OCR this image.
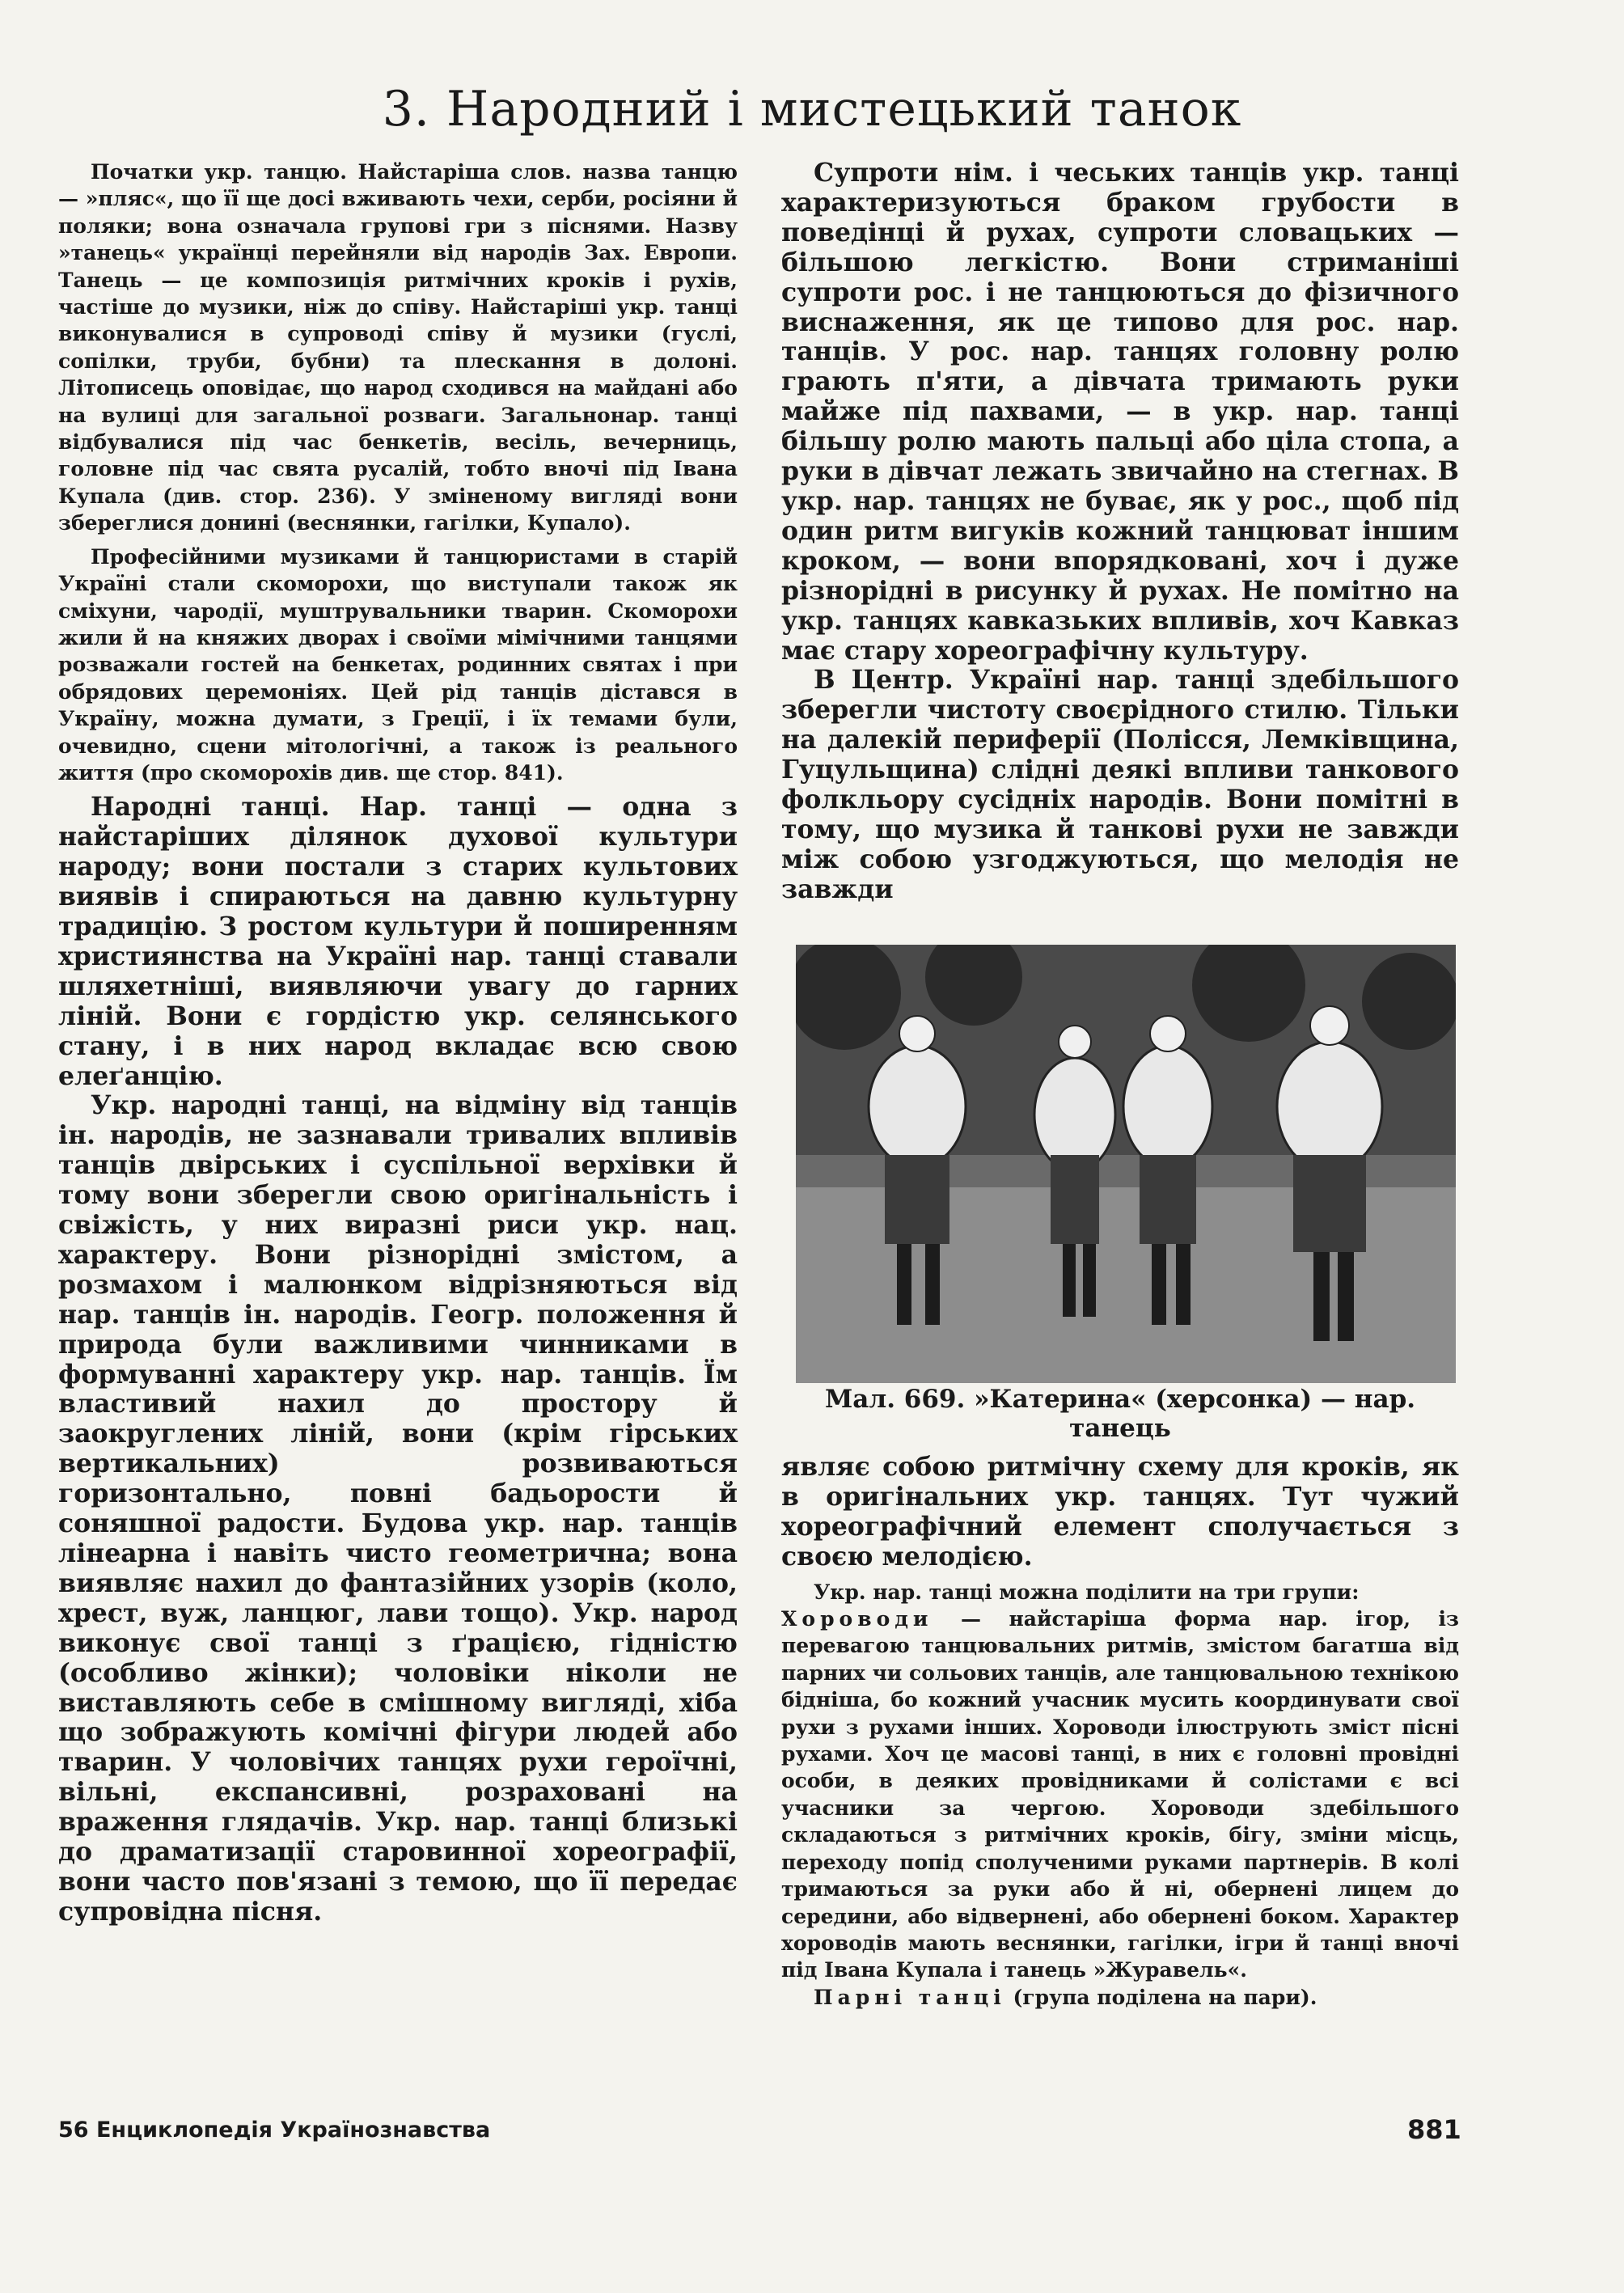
3. Народний і мистецький танок

Початки укр. танцю. Найстаріша слов. назва танцю — »пляс«, що її ще досі вживають чехи, серби, росіяни й поляки; вона означала групові гри з піснями. Назву »танець« українці перейняли від народів Зах. Европи. Танець — це композиція ритмічних кроків і рухів, частіше до музики, ніж до співу. Найстаріші укр. танці виконувалися в супроводі співу й музики (гуслі, сопілки, труби, бубни) та плескання в долоні. Літописець оповідає, що народ сходився на майдані або на вулиці для загальної розваги. Загальнонар. танці відбувалися під час бенкетів, весіль, вечерниць, головне під час свята русалій, тобто вночі під Івана Купала (див. стор. 236). У зміненому вигляді вони збереглися донині (веснянки, гагілки, Купало).

Професійними музиками й танцюристами в старій Україні стали скоморохи, що виступали також як сміхуни, чародії, муштрувальники тварин. Скоморохи жили й на княжих дворах і своїми мімічними танцями розважали гостей на бенкетах, родинних святах і при обрядових церемоніях. Цей рід танців дістався в Україну, можна думати, з Греції, і їх темами були, очевидно, сцени мітологічні, а також із реального життя (про скоморохів див. ще стор. 841).

Народні танці. Нар. танці — одна з найстаріших ділянок духової культури народу; вони постали з старих культових виявів і спираються на давню культурну традицію. З ростом культури й поширенням християнства на Україні нар. танці ставали шляхетніші, виявляючи увагу до гарних ліній. Вони є гордістю укр. селянського стану, і в них народ вкладає всю свою елеґанцію.

Укр. народні танці, на відміну від танців ін. народів, не зазнавали тривалих впливів танців двірських і суспільної верхівки й тому вони зберегли свою оригінальність і свіжість, у них виразні риси укр. нац. характеру. Вони різнорідні змістом, а розмахом і малюнком відрізняються від нар. танців ін. народів. Геогр. положення й природа були важливими чинниками в формуванні характеру укр. нар. танців. Їм властивий нахил до простору й заокруглених ліній, вони (крім гірських вертикальних) розвиваються горизонтально, повні бадьорости й соняшної радости. Будова укр. нар. танців лінеарна і навіть чисто геометрична; вона виявляє нахил до фантазійних узорів (коло, хрест, вуж, ланцюг, лави тощо). Укр. народ виконує свої танці з ґрацією, гідністю (особливо жінки); чоловіки ніколи не виставляють себе в смішному вигляді, хіба що зображують комічні фігури людей або тварин. У чоловічих танцях рухи героїчні, вільні, експансивні, розраховані на враження глядачів. Укр. нар. танці близькі до драматизації старовинної хореографії, вони часто пов'язані з темою, що її передає супровідна пісня.

Супроти нім. і чеських танців укр. танці характеризуються браком грубости в поведінці й рухах, супроти словацьких — більшою легкістю. Вони стриманіші супроти рос. і не танцюються до фізичного виснаження, як це типово для рос. нар. танців. У рос. нар. танцях головну ролю грають п'яти, а дівчата тримають руки майже під пахвами, — в укр. нар. танці більшу ролю мають пальці або ціла стопа, а руки в дівчат лежать звичайно на стегнах. В укр. нар. танцях не буває, як у рос., щоб під один ритм вигуків кожний танцюват іншим кроком, — вони впорядковані, хоч і дуже різнорідні в рисунку й рухах. Не помітно на укр. танцях кавказьких впливів, хоч Кавказ має стару хореографічну культуру.

В Центр. Україні нар. танці здебільшого зберегли чистоту своєрідного стилю. Тільки на далекій периферії (Полісся, Лемківщина, Гуцульщина) сліднi деякі впливи танкового фолкльору сусідніх народів. Вони помітні в тому, що музика й танкові рухи не завжди між собою узгоджуються, що мелодія не завжди

Мал. 669. »Катерина« (херсонка) — нар. танець

являє собою ритмічну схему для кроків, як в оригінальних укр. танцях. Тут чужий хореографічний елемент сполучається з своєю мелодією.

Укр. нар. танці можна поділити на три групи:

Хороводи — найстаріша форма нар. ігор, із перевагою танцювальних ритмів, змістом багатша від парних чи сольових танців, але танцювальною технікою бідніша, бо кожний учасник мусить координувати свої рухи з рухами інших. Хороводи ілюструють зміст пісні рухами. Хоч це масові танці, в них є головні провідні особи, в деяких провідниками й солістами є всі учасники за чергою. Хороводи здебільшого складаються з ритмічних кроків, бігу, зміни місць, переходу попід сполученими руками партнерів. В колі тримаються за руки або й ні, обернені лицем до середини, або відвернені, або обернені боком. Характер хороводів мають веснянки, гагілки, ігри й танці вночі під Івана Купала і танець »Журавель«.

Парні танці (група поділена на пари).

56 Енциклопедія Українознавства	881
